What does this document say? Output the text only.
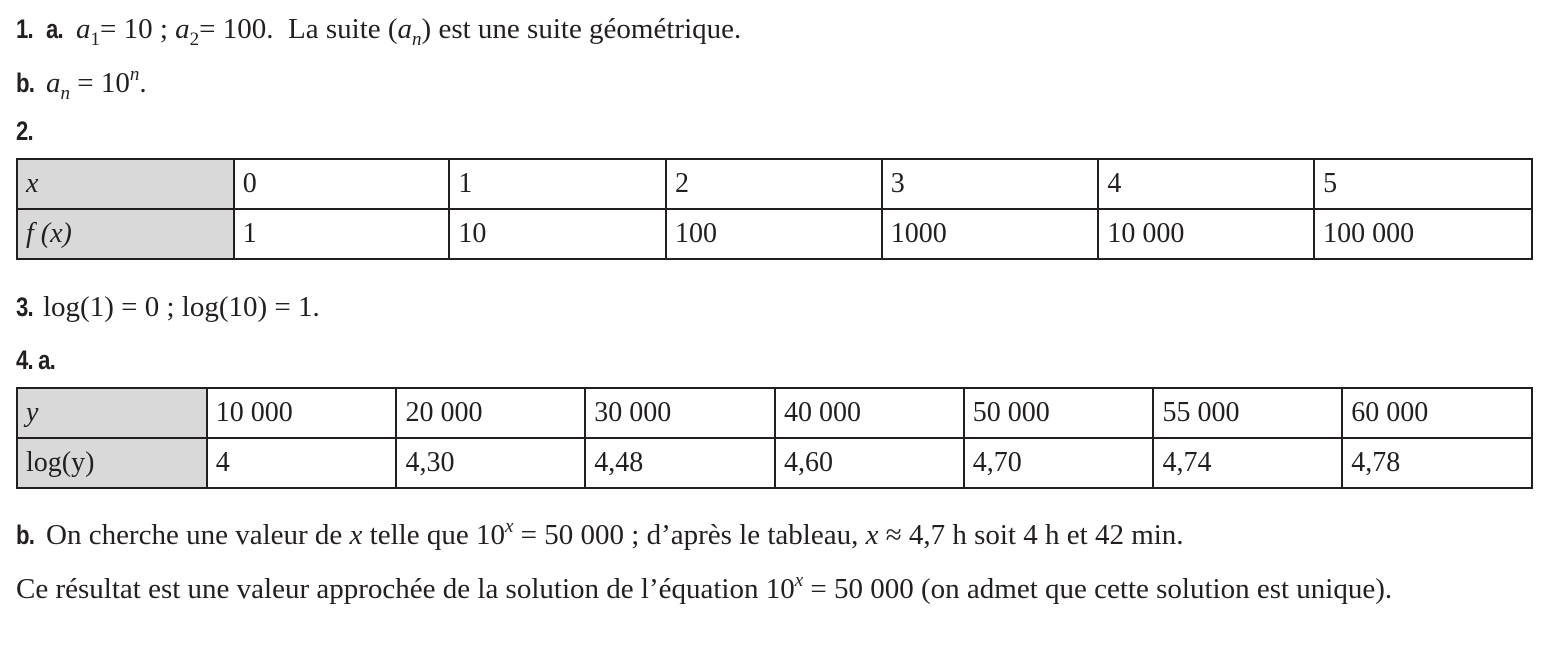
1. a. $a_1= 10$ ; $a_2= 100$. La suite $(a_n)$ est une suite géométrique.
b. $a_n = 10^n$.
2.
x	0	1	2	3	4	5
f (x)	1	10	100	1000	10 000	100 000
3. log(1) = 0 ; log(10) = 1.
4. a.
y	10 000	20 000	30 000	40 000	50 000	55 000	60 000
log(y)	4	4,30	4,48	4,60	4,70	4,74	4,78
b. On cherche une valeur de x telle que $10^x = 50$ 000 ; d’après le tableau, x ≈ 4,7 h soit 4 h et 42 min.
Ce résultat est une valeur approchée de la solution de l’équation $10^x = 50$ 000 (on admet que cette solution est unique).
